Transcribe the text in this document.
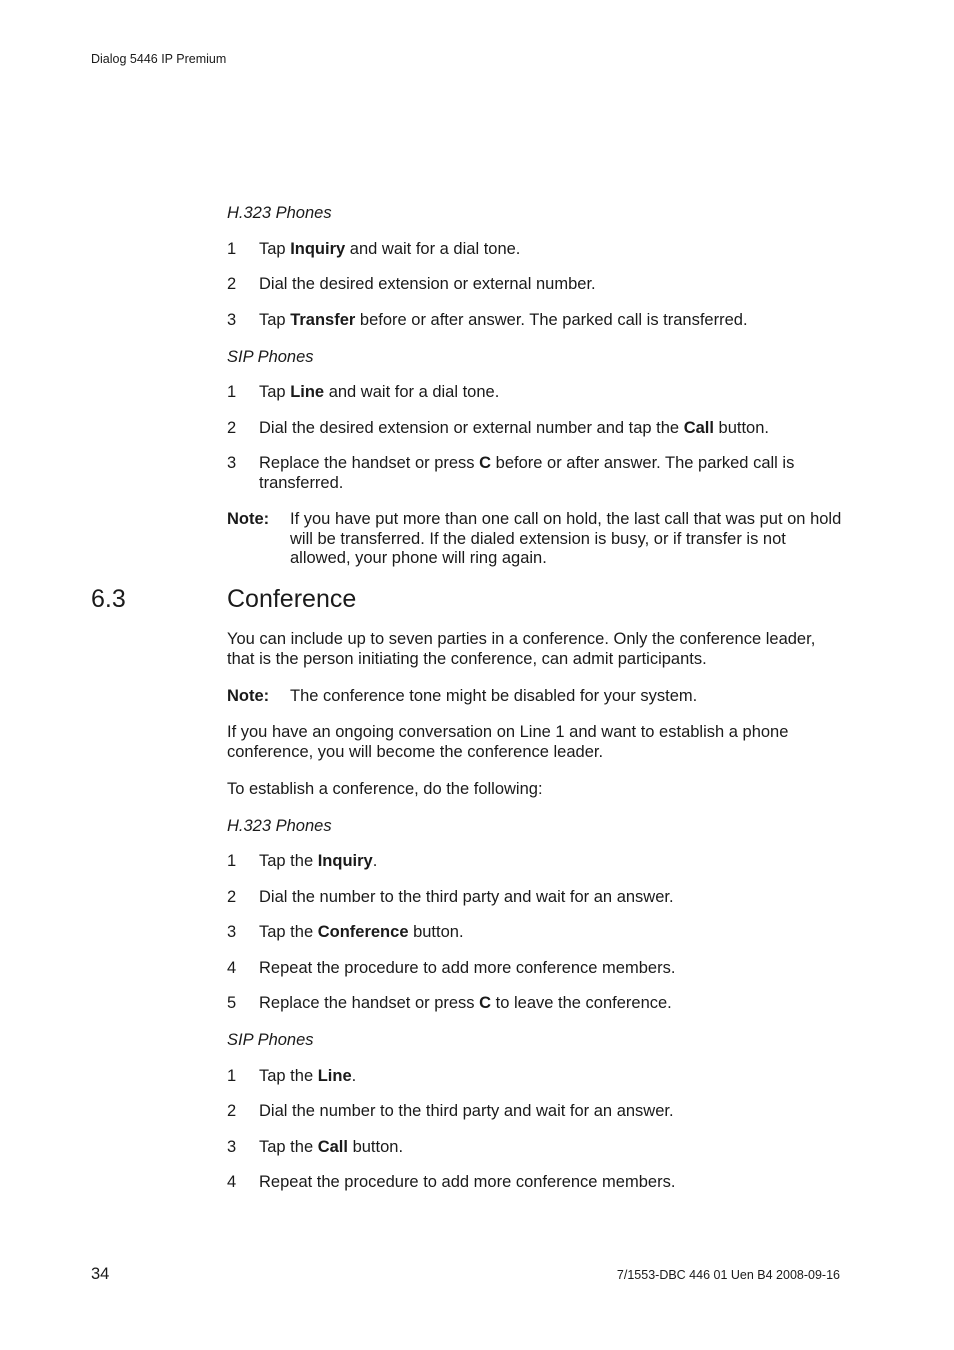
Dialog 5446 IP Premium
H.323 Phones
1	Tap Inquiry and wait for a dial tone.
2	Dial the desired extension or external number.
3	Tap Transfer before or after answer. The parked call is transferred.
SIP Phones
1	Tap Line and wait for a dial tone.
2	Dial the desired extension or external number and tap the Call button.
3	Replace the handset or press C before or after answer. The parked call is transferred.
Note: If you have put more than one call on hold, the last call that was put on hold will be transferred. If the dialed extension is busy, or if transfer is not allowed, your phone will ring again.
6.3	Conference
You can include up to seven parties in a conference. Only the conference leader, that is the person initiating the conference, can admit participants.
Note: The conference tone might be disabled for your system.
If you have an ongoing conversation on Line 1 and want to establish a phone conference, you will become the conference leader.
To establish a conference, do the following:
H.323 Phones
1	Tap the Inquiry.
2	Dial the number to the third party and wait for an answer.
3	Tap the Conference button.
4	Repeat the procedure to add more conference members.
5	Replace the handset or press C to leave the conference.
SIP Phones
1	Tap the Line.
2	Dial the number to the third party and wait for an answer.
3	Tap the Call button.
4	Repeat the procedure to add more conference members.
34	7/1553-DBC 446 01 Uen B4 2008-09-16
